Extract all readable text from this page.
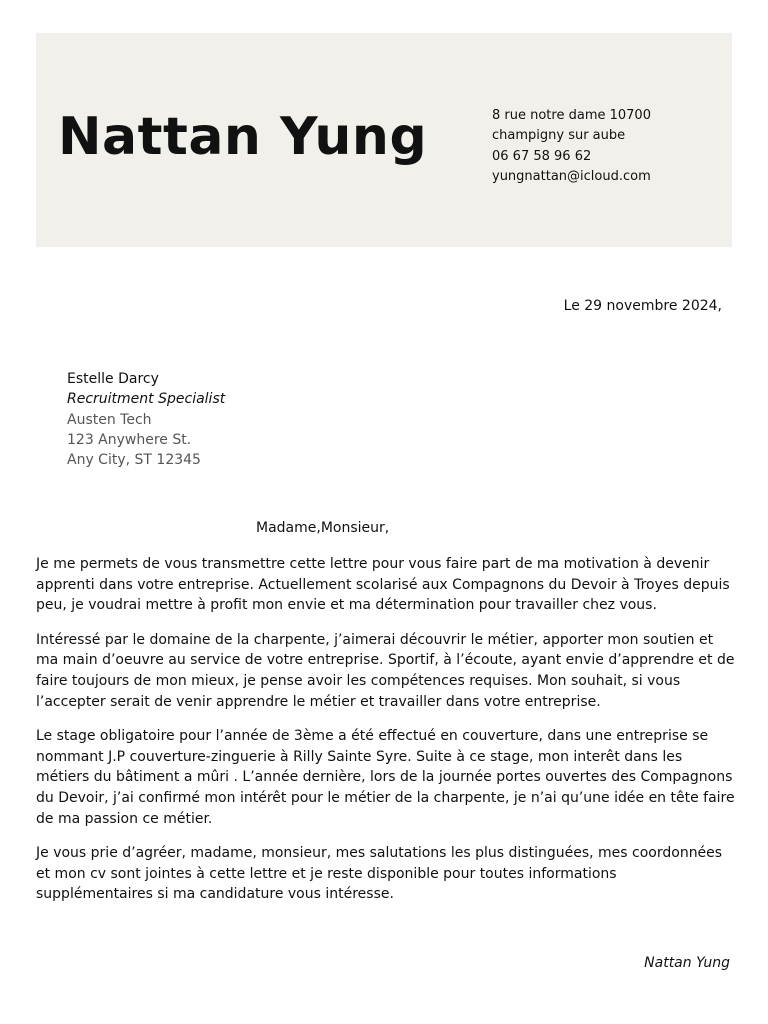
Nattan Yung	8 rue notre dame 10700
champigny sur aube
06 67 58 96 62
yungnattan@icloud.com
Le 29 novembre 2024,
Estelle Darcy
Recruitment Specialist
Austen Tech
123 Anywhere St.
Any City, ST 12345
Madame,Monsieur,

Je me permets de vous transmettre cette lettre pour vous faire part de ma motivation à devenir apprenti dans votre entreprise. Actuellement scolarisé aux Compagnons du Devoir à Troyes depuis peu, je voudrai mettre à profit mon envie et ma détermination pour travailler chez vous.

Intéressé par le domaine de la charpente, j’aimerai découvrir le métier, apporter mon soutien et ma main d’oeuvre au service de votre entreprise. Sportif, à l’écoute, ayant envie d’apprendre et de faire toujours de mon mieux, je pense avoir les compétences requises. Mon souhait, si vous l’accepter serait de venir apprendre le métier et travailler dans votre entreprise.

Le stage obligatoire pour l’année de 3ème a été effectué en couverture, dans une entreprise se nommant J.P couverture-zinguerie à Rilly Sainte Syre. Suite à ce stage, mon interêt dans les métiers du bâtiment a mûri . L’année dernière, lors de la journée portes ouvertes des Compagnons du Devoir, j’ai confirmé mon intérêt pour le métier de la charpente, je n’ai qu’une idée en tête faire de ma passion ce métier.

Je vous prie d’agréer, madame, monsieur, mes salutations les plus distinguées, mes coordonnées et mon cv sont jointes à cette lettre et je reste disponible pour toutes informations supplémentaires si ma candidature vous intéresse.

Nattan Yung
